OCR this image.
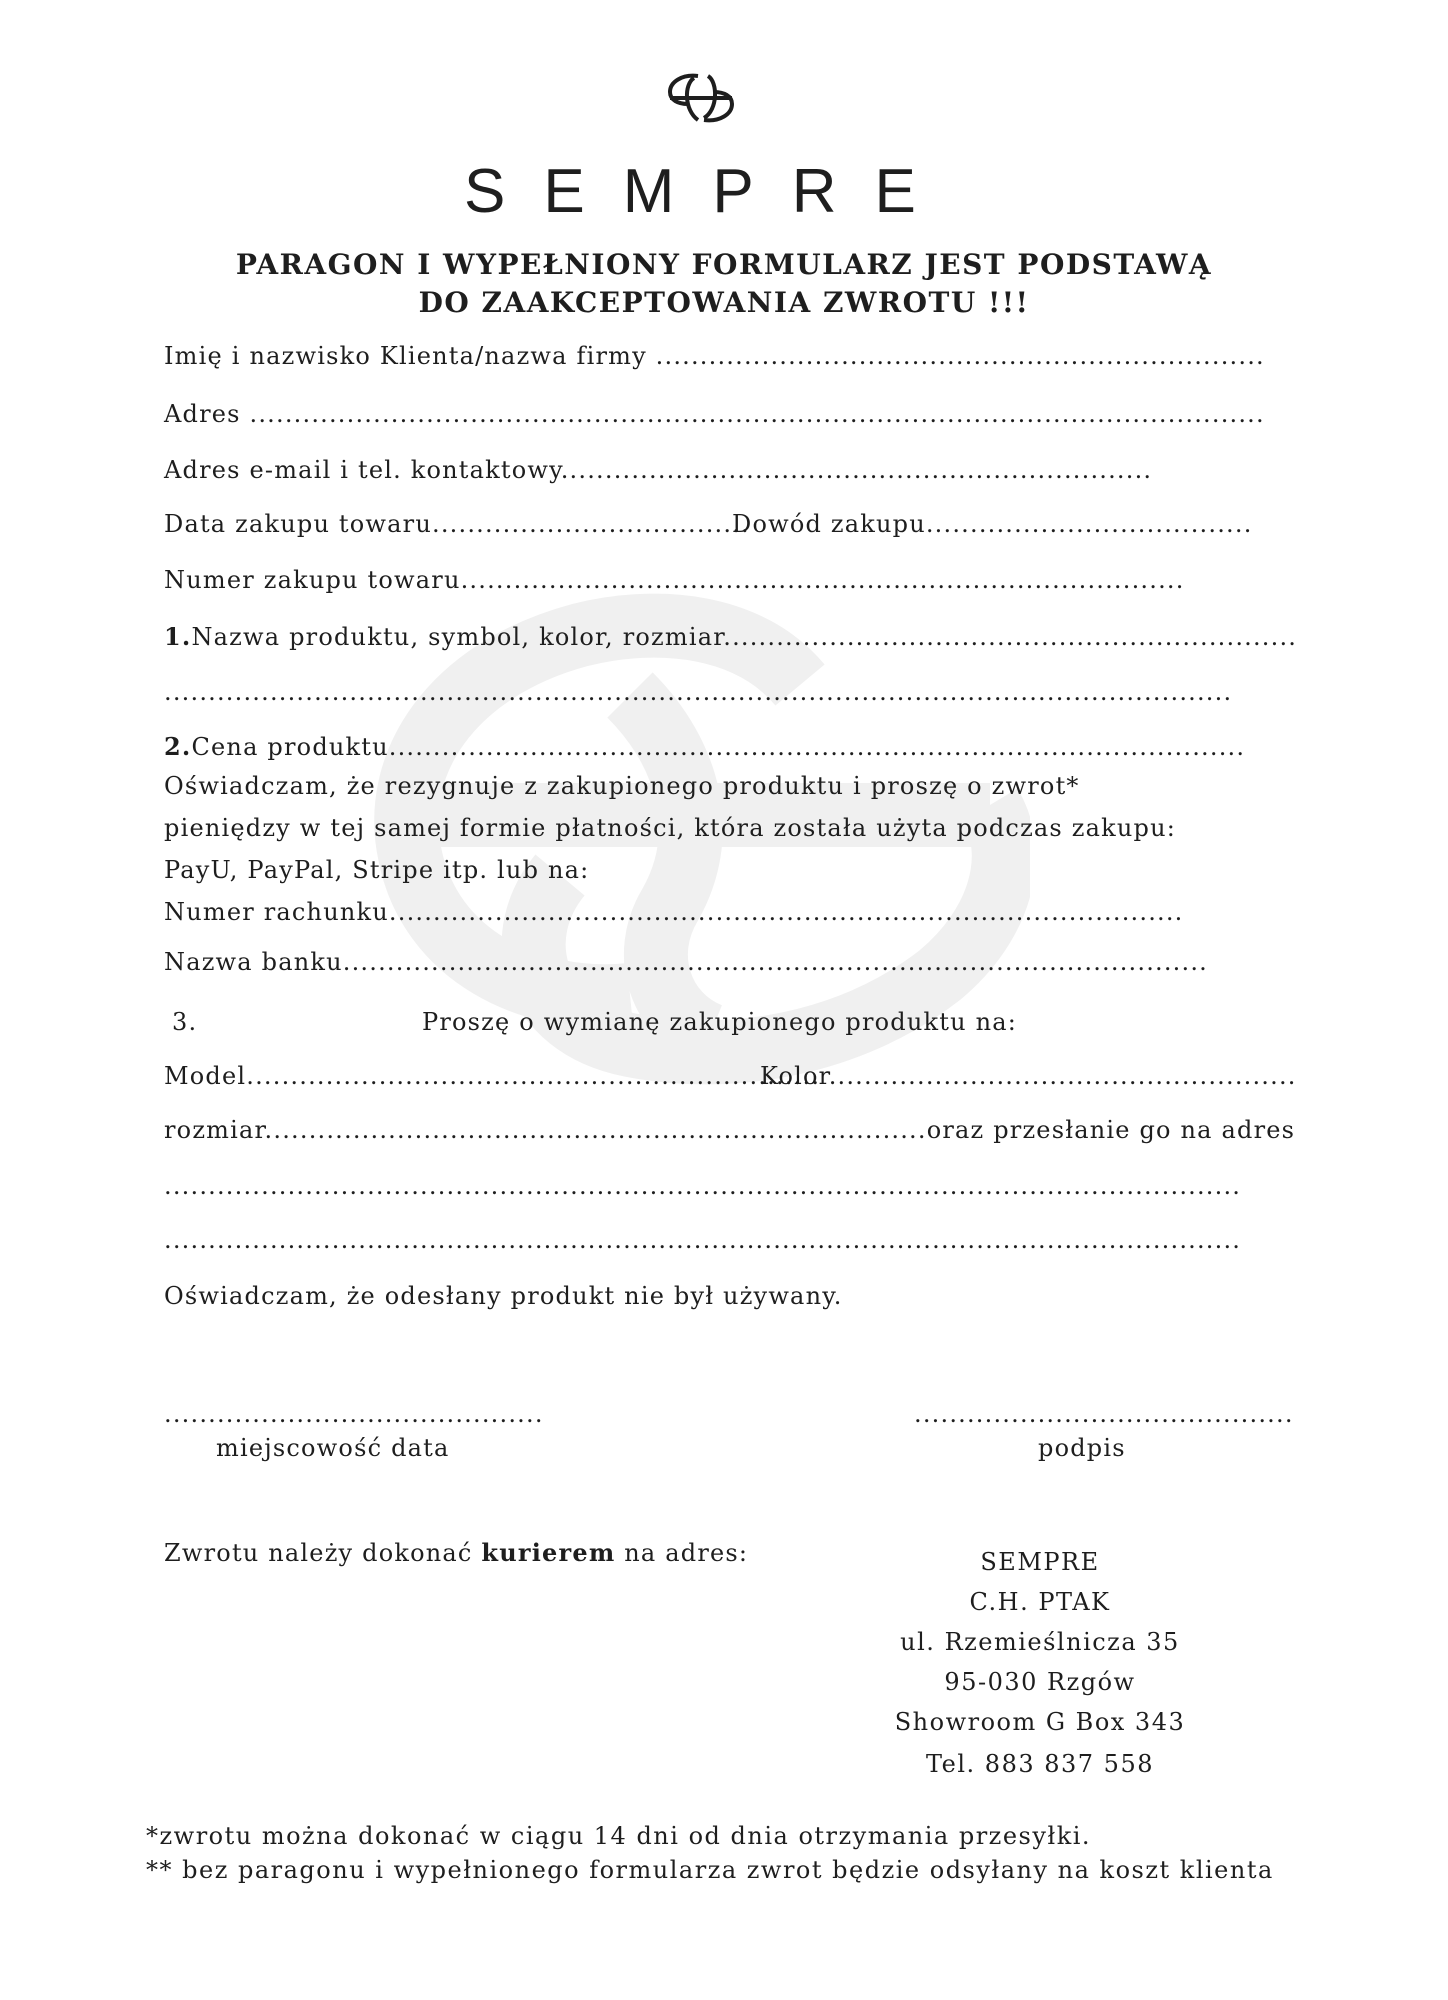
SEMPRE
PARAGON I WYPEŁNIONY FORMULARZ JEST PODSTAWĄ
DO ZAAKCEPTOWANIA ZWROTU !!!
Imię i nazwisko Klienta/nazwa firmy .....................................................................
Adres ...................................................................................................................
Adres e-mail i tel. kontaktowy...................................................................
Data zakupu towaru....................................
Dowód zakupu.....................................
Numer zakupu towaru..................................................................................
1.Nazwa produktu, symbol, kolor, rozmiar.................................................................
.........................................................................................................................
2.Cena produktu.................................................................................................
Oświadczam, że rezygnuje z zakupionego produktu i proszę o zwrot*
pieniędzy w tej samej formie płatności, która została użyta podczas zakupu:
PayU, PayPal, Stripe itp. lub na:
Numer rachunku..........................................................................................
Nazwa banku..................................................................................................
3.	Proszę o wymianę zakupionego produktu na:
Model.................................................................
Kolor.....................................................
rozmiar...........................................................................oraz przesłanie go na adres
..........................................................................................................................
..........................................................................................................................
Oświadczam, że odesłany produkt nie był używany.
...........................................
miejscowość data
...........................................
podpis
Zwrotu należy dokonać kurierem na adres:	SEMPRE
C.H. PTAK
ul. Rzemieślnicza 35
95-030 Rzgów
Showroom G Box 343
Tel. 883 837 558
*zwrotu można dokonać w ciągu 14 dni od dnia otrzymania przesyłki.
** bez paragonu i wypełnionego formularza zwrot będzie odsyłany na koszt klienta
